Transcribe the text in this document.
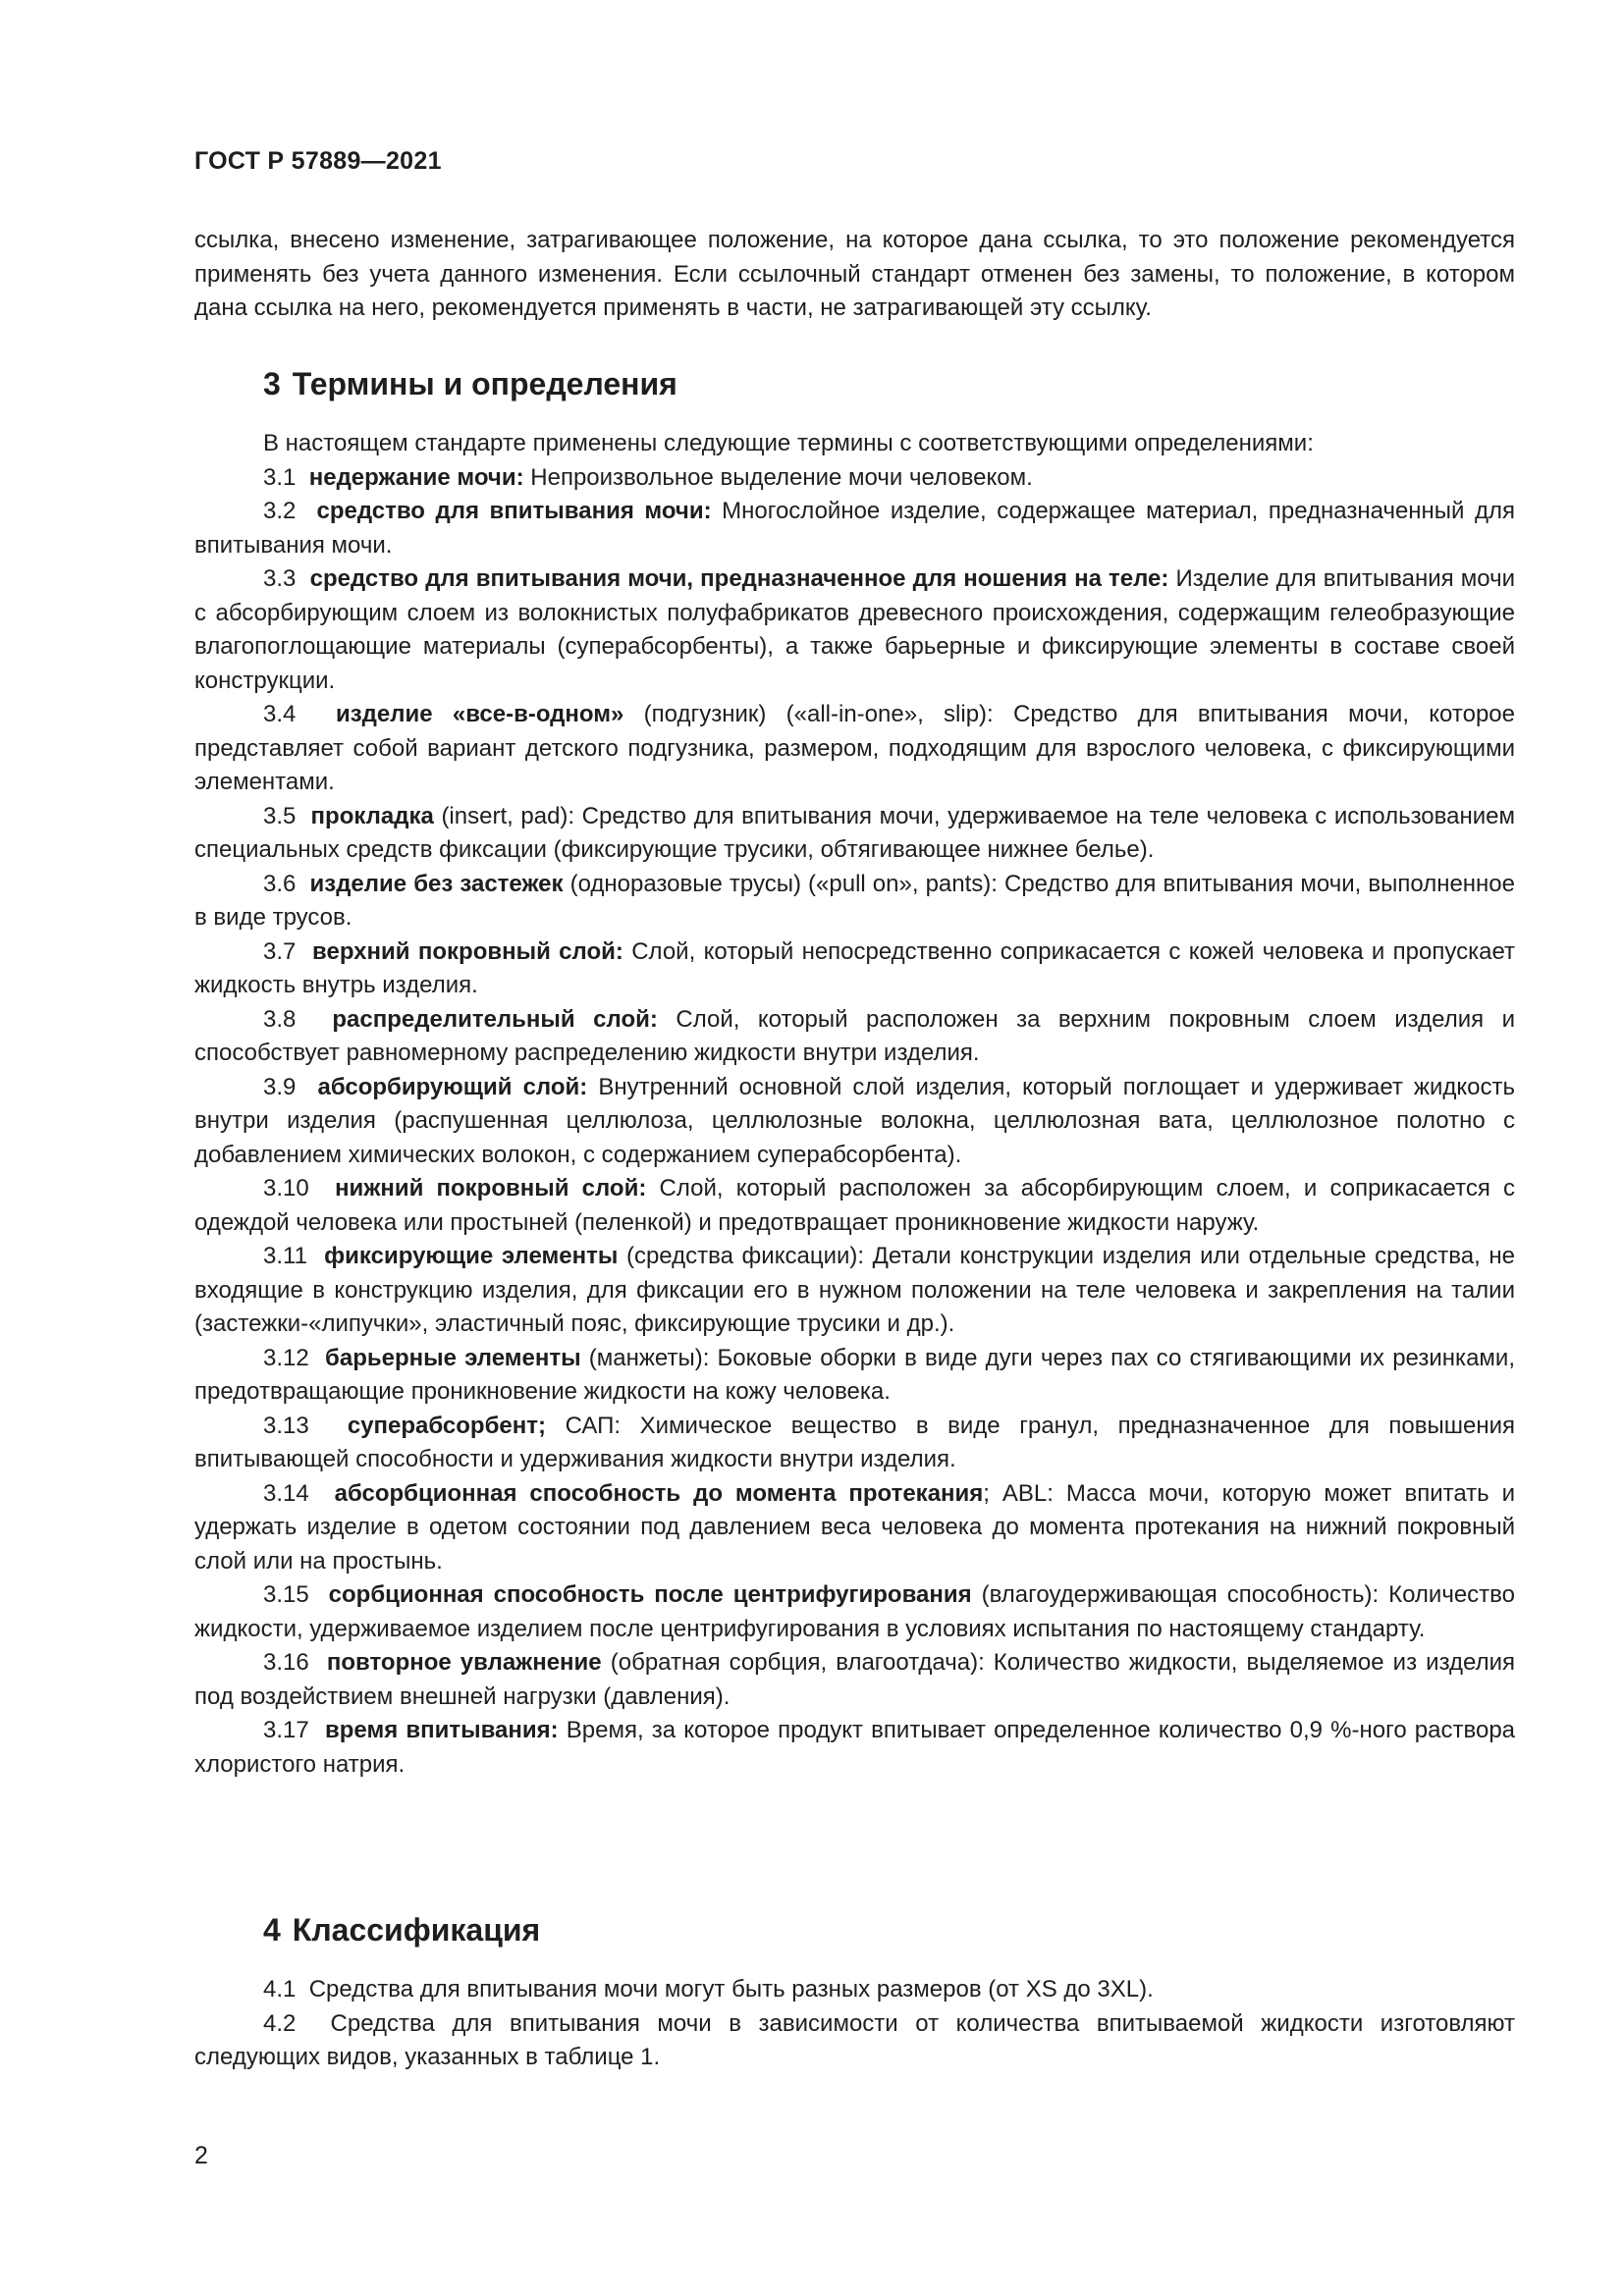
ГОСТ Р 57889—2021

ссылка, внесено изменение, затрагивающее положение, на которое дана ссылка, то это положение рекомендуется применять без учета данного изменения. Если ссылочный стандарт отменен без замены, то положение, в котором дана ссылка на него, рекомендуется применять в части, не затрагивающей эту ссылку.

3 Термины и определения

В настоящем стандарте применены следующие термины с соответствующими определениями:

3.1 недержание мочи: Непроизвольное выделение мочи человеком.

3.2 средство для впитывания мочи: Многослойное изделие, содержащее материал, предназначенный для впитывания мочи.

3.3 средство для впитывания мочи, предназначенное для ношения на теле: Изделие для впитывания мочи с абсорбирующим слоем из волокнистых полуфабрикатов древесного происхождения, содержащим гелеобразующие влагопоглощающие материалы (суперабсорбенты), а также барьерные и фиксирующие элементы в составе своей конструкции.

3.4 изделие «все-в-одном» (подгузник) («all-in-one», slip): Средство для впитывания мочи, которое представляет собой вариант детского подгузника, размером, подходящим для взрослого человека, с фиксирующими элементами.

3.5 прокладка (insert, pad): Средство для впитывания мочи, удерживаемое на теле человека с использованием специальных средств фиксации (фиксирующие трусики, обтягивающее нижнее белье).

3.6 изделие без застежек (одноразовые трусы) («pull on», pants): Средство для впитывания мочи, выполненное в виде трусов.

3.7 верхний покровный слой: Слой, который непосредственно соприкасается с кожей человека и пропускает жидкость внутрь изделия.

3.8 распределительный слой: Слой, который расположен за верхним покровным слоем изделия и способствует равномерному распределению жидкости внутри изделия.

3.9 абсорбирующий слой: Внутренний основной слой изделия, который поглощает и удерживает жидкость внутри изделия (распушенная целлюлоза, целлюлозные волокна, целлюлозная вата, целлюлозное полотно с добавлением химических волокон, с содержанием суперабсорбента).

3.10 нижний покровный слой: Слой, который расположен за абсорбирующим слоем, и соприкасается с одеждой человека или простыней (пеленкой) и предотвращает проникновение жидкости наружу.

3.11 фиксирующие элементы (средства фиксации): Детали конструкции изделия или отдельные средства, не входящие в конструкцию изделия, для фиксации его в нужном положении на теле человека и закрепления на талии (застежки-«липучки», эластичный пояс, фиксирующие трусики и др.).

3.12 барьерные элементы (манжеты): Боковые оборки в виде дуги через пах со стягивающими их резинками, предотвращающие проникновение жидкости на кожу человека.

3.13 суперабсорбент; САП: Химическое вещество в виде гранул, предназначенное для повышения впитывающей способности и удерживания жидкости внутри изделия.

3.14 абсорбционная способность до момента протекания; ABL: Масса мочи, которую может впитать и удержать изделие в одетом состоянии под давлением веса человека до момента протекания на нижний покровный слой или на простынь.

3.15 сорбционная способность после центрифугирования (влагоудерживающая способность): Количество жидкости, удерживаемое изделием после центрифугирования в условиях испытания по настоящему стандарту.

3.16 повторное увлажнение (обратная сорбция, влагоотдача): Количество жидкости, выделяемое из изделия под воздействием внешней нагрузки (давления).

3.17 время впитывания: Время, за которое продукт впитывает определенное количество 0,9 %-ного раствора хлористого натрия.

4 Классификация

4.1  Средства для впитывания мочи могут быть разных размеров (от XS до 3XL).

4.2  Средства для впитывания мочи в зависимости от количества впитываемой жидкости изготовляют следующих видов, указанных в таблице 1.

2
